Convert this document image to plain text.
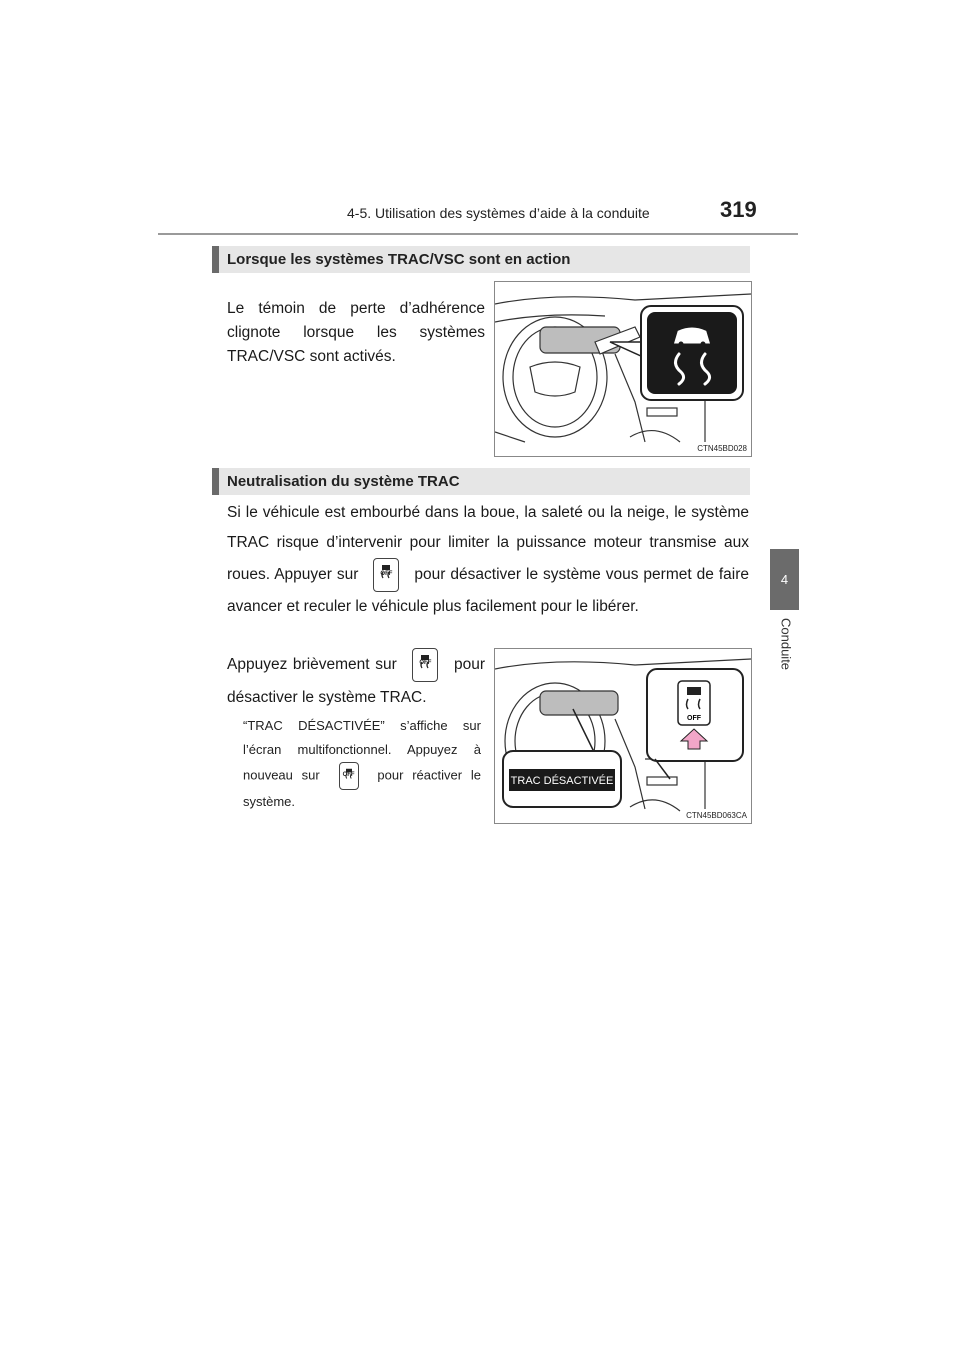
4-5. Utilisation des systèmes d’aide à la conduite	319
4
Conduite
Lorsque les systèmes TRAC/VSC sont en action
Le témoin de perte d’adhérence clignote lorsque les systèmes TRAC/VSC sont activés.
CTN45BD028
Neutralisation du système TRAC
Si le véhicule est embourbé dans la boue, la saleté ou la neige, le système TRAC risque d’intervenir pour limiter la puissance moteur transmise aux roues. Appuyer sur	OFF	pour désactiver le système vous permet de faire avancer et reculer le véhicule plus facilement pour le libérer.
Appuyez brièvement sur	OFF	pour désactiver le système TRAC.
“TRAC DÉSACTIVÉE” s’affiche sur l’écran multifonctionnel. Appuyez à nouveau sur	OFF pour réactiver le système.
TRAC DÉSACTIVÉE
OFF
CTN45BD063CA
